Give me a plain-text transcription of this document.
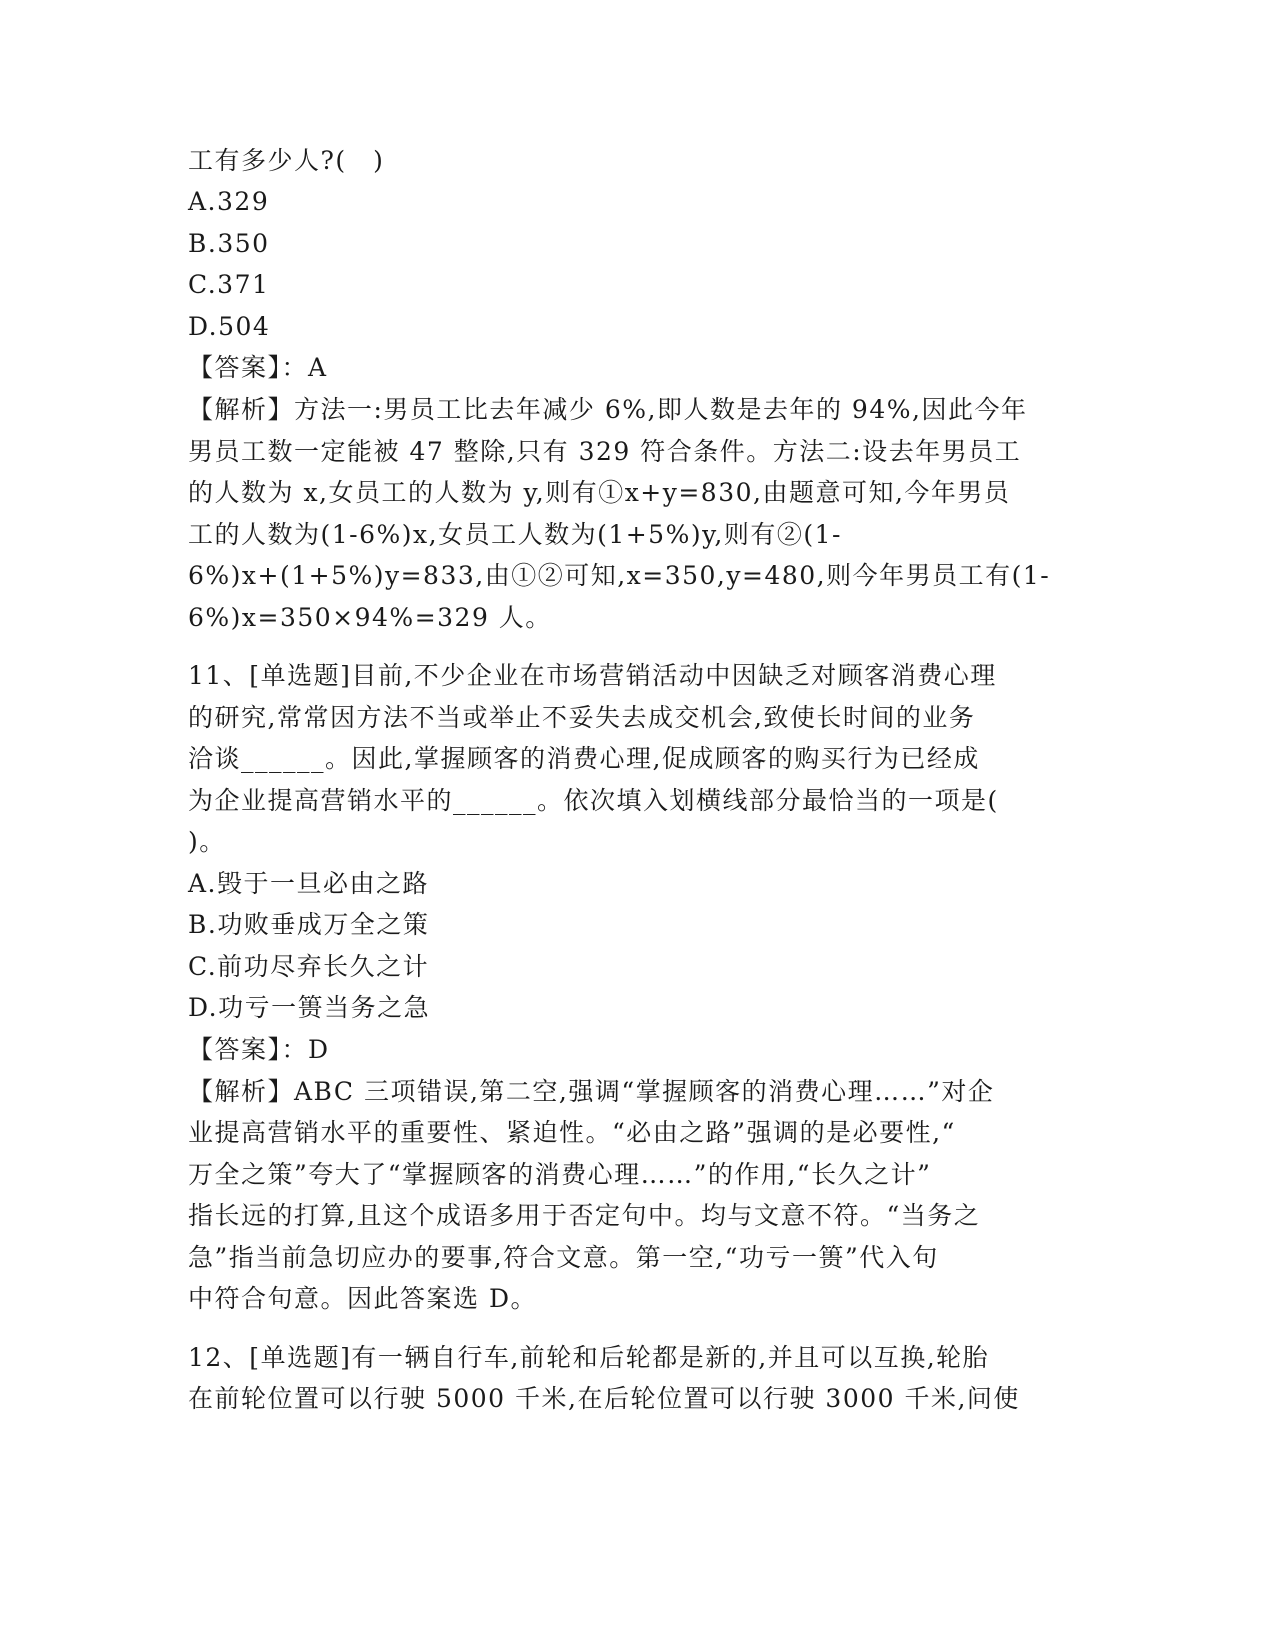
工有多少人?(　)
A.329
B.350
C.371
D.504
【答案】：A
【解析】方法一:男员工比去年减少 6%,即人数是去年的 94%,因此今年
男员工数一定能被 47 整除,只有 329 符合条件。方法二:设去年男员工
的人数为 x,女员工的人数为 y,则有①x+y=830,由题意可知,今年男员
工的人数为(1-6%)x,女员工人数为(1+5%)y,则有②(1-
6%)x+(1+5%)y=833,由①②可知,x=350,y=480,则今年男员工有(1-
6%)x=350×94%=329 人。
11、[单选题]目前,不少企业在市场营销活动中因缺乏对顾客消费心理
的研究,常常因方法不当或举止不妥失去成交机会,致使长时间的业务
洽谈______。因此,掌握顾客的消费心理,促成顾客的购买行为已经成
为企业提高营销水平的______。依次填入划横线部分最恰当的一项是(
)。
A.毁于一旦必由之路
B.功败垂成万全之策
C.前功尽弃长久之计
D.功亏一篑当务之急
【答案】：D
【解析】ABC 三项错误,第二空,强调“掌握顾客的消费心理……”对企
业提高营销水平的重要性、紧迫性。“必由之路”强调的是必要性,“
万全之策”夸大了“掌握顾客的消费心理……”的作用,“长久之计”
指长远的打算,且这个成语多用于否定句中。均与文意不符。“当务之
急”指当前急切应办的要事,符合文意。第一空,“功亏一篑”代入句
中符合句意。因此答案选 D。
12、[单选题]有一辆自行车,前轮和后轮都是新的,并且可以互换,轮胎
在前轮位置可以行驶 5000 千米,在后轮位置可以行驶 3000 千米,问使
